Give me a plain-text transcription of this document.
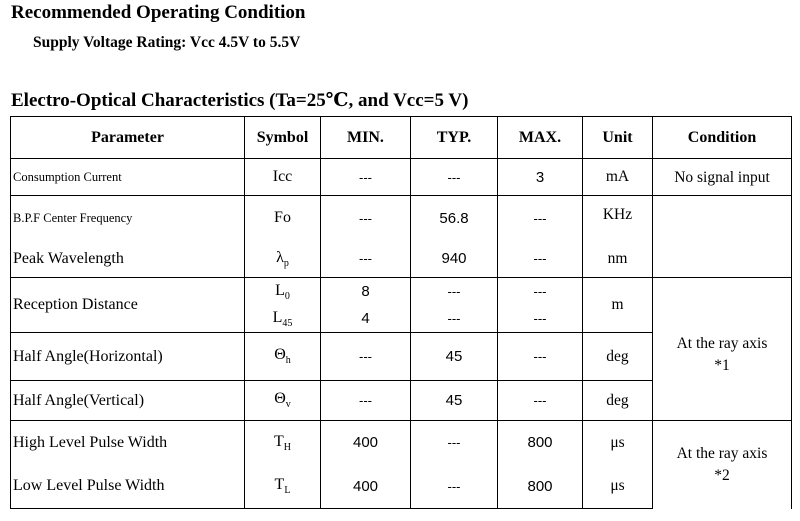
Recommended Operating Condition
Supply Voltage Rating: Vcc 4.5V to 5.5V
Electro-Optical Characteristics (Ta=25℃, and Vcc=5 V)
Parameter	Symbol	MIN.	TYP.	MAX.	Unit	Condition
Consumption Current	Icc	---	---	3	mA	No signal input
B.P.F Center Frequency	Fo	---	56.8	---	KHz	
Peak Wavelength	$\lambda_p$	---	940	---	nm	
Reception Distance	$L_0$	8	---	---	m	
	$L_{45}$	4	---	---		
Half Angle(Horizontal)	$\Theta_h$	---	45	---	deg	At the ray axis
*1

Half Angle(Vertical)	$\Theta_v$	---	45	---	deg	
High Level Pulse Width	$T_H$	400	---	800	μs	At the ray axis
*2

Low Level Pulse Width	$T_L$	400	---	800	μs	
